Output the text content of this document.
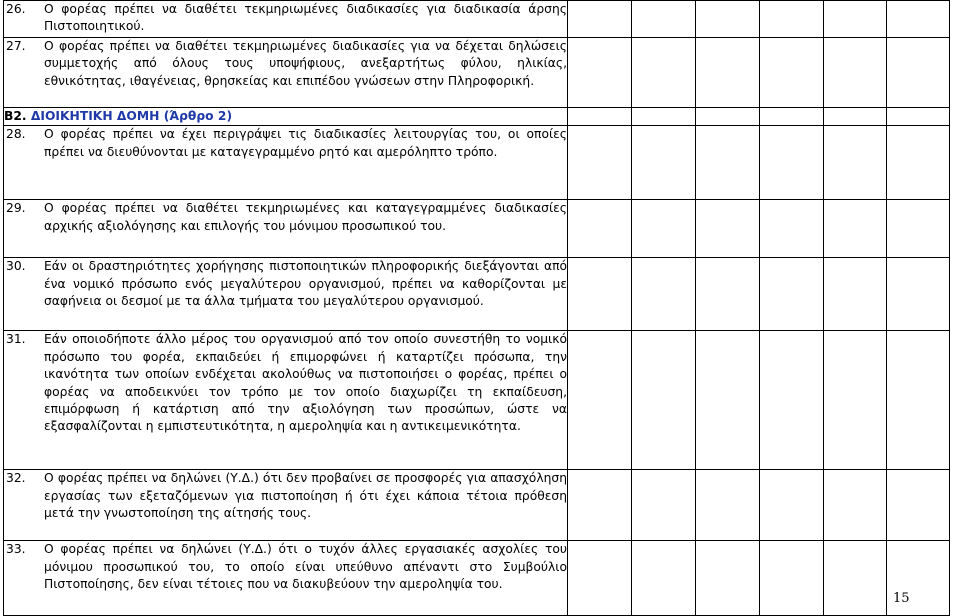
26. Ο φορέας πρέπει να διαθέτει τεκμηριωμένες διαδικασίες για διαδικασία άρσης Πιστοποιητικού.						

27. Ο φορέας πρέπει να διαθέτει τεκμηριωμένες διαδικασίες για να δέχεται δηλώσεις συμμετοχής από όλους τους υποψήφιους, ανεξαρτήτως φύλου, ηλικίας, εθνικότητας, ιθαγένειας, θρησκείας και επιπέδου γνώσεων στην Πληροφορική.						

Β2. ΔΙΟΙΚΗΤΙΚΗ ΔΟΜΗ (Άρθρο 2)						

28. Ο φορέας πρέπει να έχει περιγράψει τις διαδικασίες λειτουργίας του, οι οποίες πρέπει να διευθύνονται με καταγεγραμμένο ρητό και αμερόληπτο τρόπο.						

29. Ο φορέας πρέπει να διαθέτει τεκμηριωμένες και καταγεγραμμένες διαδικασίες αρχικής αξιολόγησης και επιλογής του μόνιμου προσωπικού του.						

30. Εάν οι δραστηριότητες χορήγησης πιστοποιητικών πληροφορικής διεξάγονται από ένα νομικό πρόσωπο ενός μεγαλύτερου οργανισμού, πρέπει να καθορίζονται με σαφήνεια οι δεσμοί με τα άλλα τμήματα του μεγαλύτερου οργανισμού.						

31. Εάν οποιοδήποτε άλλο μέρος του οργανισμού από τον οποίο συνεστήθη το νομικό πρόσωπο του φορέα, εκπαιδεύει ή επιμορφώνει ή καταρτίζει πρόσωπα, την ικανότητα των οποίων ενδέχεται ακολούθως να πιστοποιήσει ο φορέας, πρέπει ο φορέας να αποδεικνύει τον τρόπο με τον οποίο διαχωρίζει τη εκπαίδευση, επιμόρφωση ή κατάρτιση από την αξιολόγηση των προσώπων, ώστε να εξασφαλίζονται η εμπιστευτικότητα, η αμεροληψία και η αντικειμενικότητα.						

32. Ο φορέας πρέπει να δηλώνει (Υ.Δ.) ότι δεν προβαίνει σε προσφορές για απασχόληση εργασίας των εξεταζόμενων για πιστοποίηση ή ότι έχει κάποια τέτοια πρόθεση μετά την γνωστοποίηση της αίτησής τους.						

33. Ο φορέας πρέπει να δηλώνει (Υ.Δ.) ότι ο τυχόν άλλες εργασιακές ασχολίες του μόνιμου προσωπικού του, το οποίο είναι υπεύθυνο απέναντι στο Συμβούλιο Πιστοποίησης, δεν είναι τέτοιες που να διακυβεύουν την αμεροληψία του.						

15
